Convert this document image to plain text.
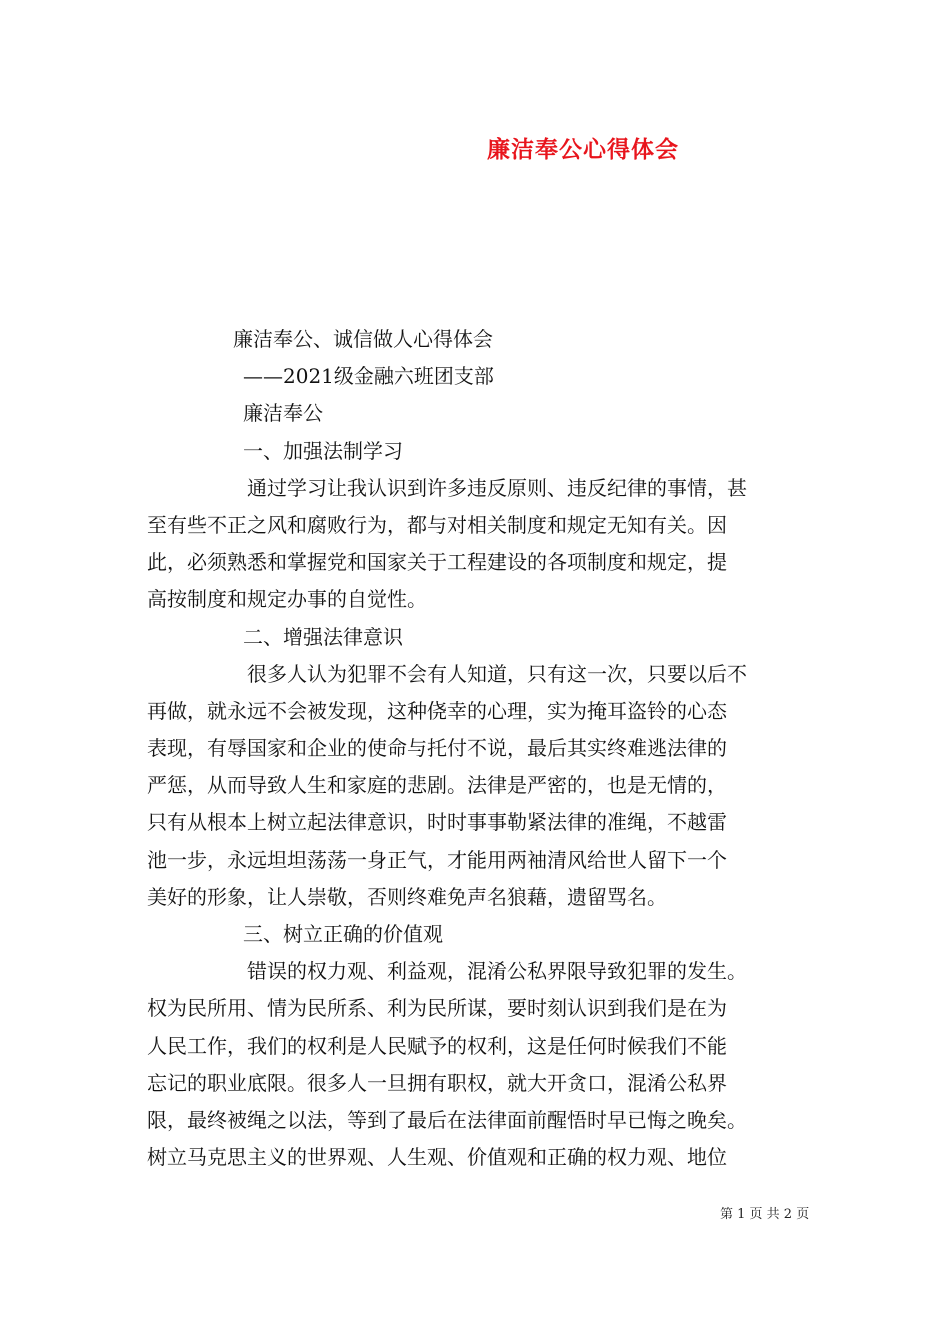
廉洁奉公心得体会
廉洁奉公、诚信做人心得体会
——2021级金融六班团支部
廉洁奉公
一、加强法制学习
通过学习让我认识到许多违反原则、违反纪律的事情，甚
至有些不正之风和腐败行为，都与对相关制度和规定无知有关。因
此，必须熟悉和掌握党和国家关于工程建设的各项制度和规定，提
高按制度和规定办事的自觉性。
二、增强法律意识
很多人认为犯罪不会有人知道，只有这一次，只要以后不
再做，就永远不会被发现，这种侥幸的心理，实为掩耳盗铃的心态
表现，有辱国家和企业的使命与托付不说，最后其实终难逃法律的
严惩，从而导致人生和家庭的悲剧。法律是严密的，也是无情的，
只有从根本上树立起法律意识，时时事事勒紧法律的准绳，不越雷
池一步，永远坦坦荡荡一身正气，才能用两袖清风给世人留下一个
美好的形象，让人崇敬，否则终难免声名狼藉，遗留骂名。
三、树立正确的价值观
错误的权力观、利益观，混淆公私界限导致犯罪的发生。
权为民所用、情为民所系、利为民所谋，要时刻认识到我们是在为
人民工作，我们的权利是人民赋予的权利，这是任何时候我们不能
忘记的职业底限。很多人一旦拥有职权，就大开贪口，混淆公私界
限，最终被绳之以法，等到了最后在法律面前醒悟时早已悔之晚矣。
树立马克思主义的世界观、人生观、价值观和正确的权力观、地位
第 1 页 共 2 页
